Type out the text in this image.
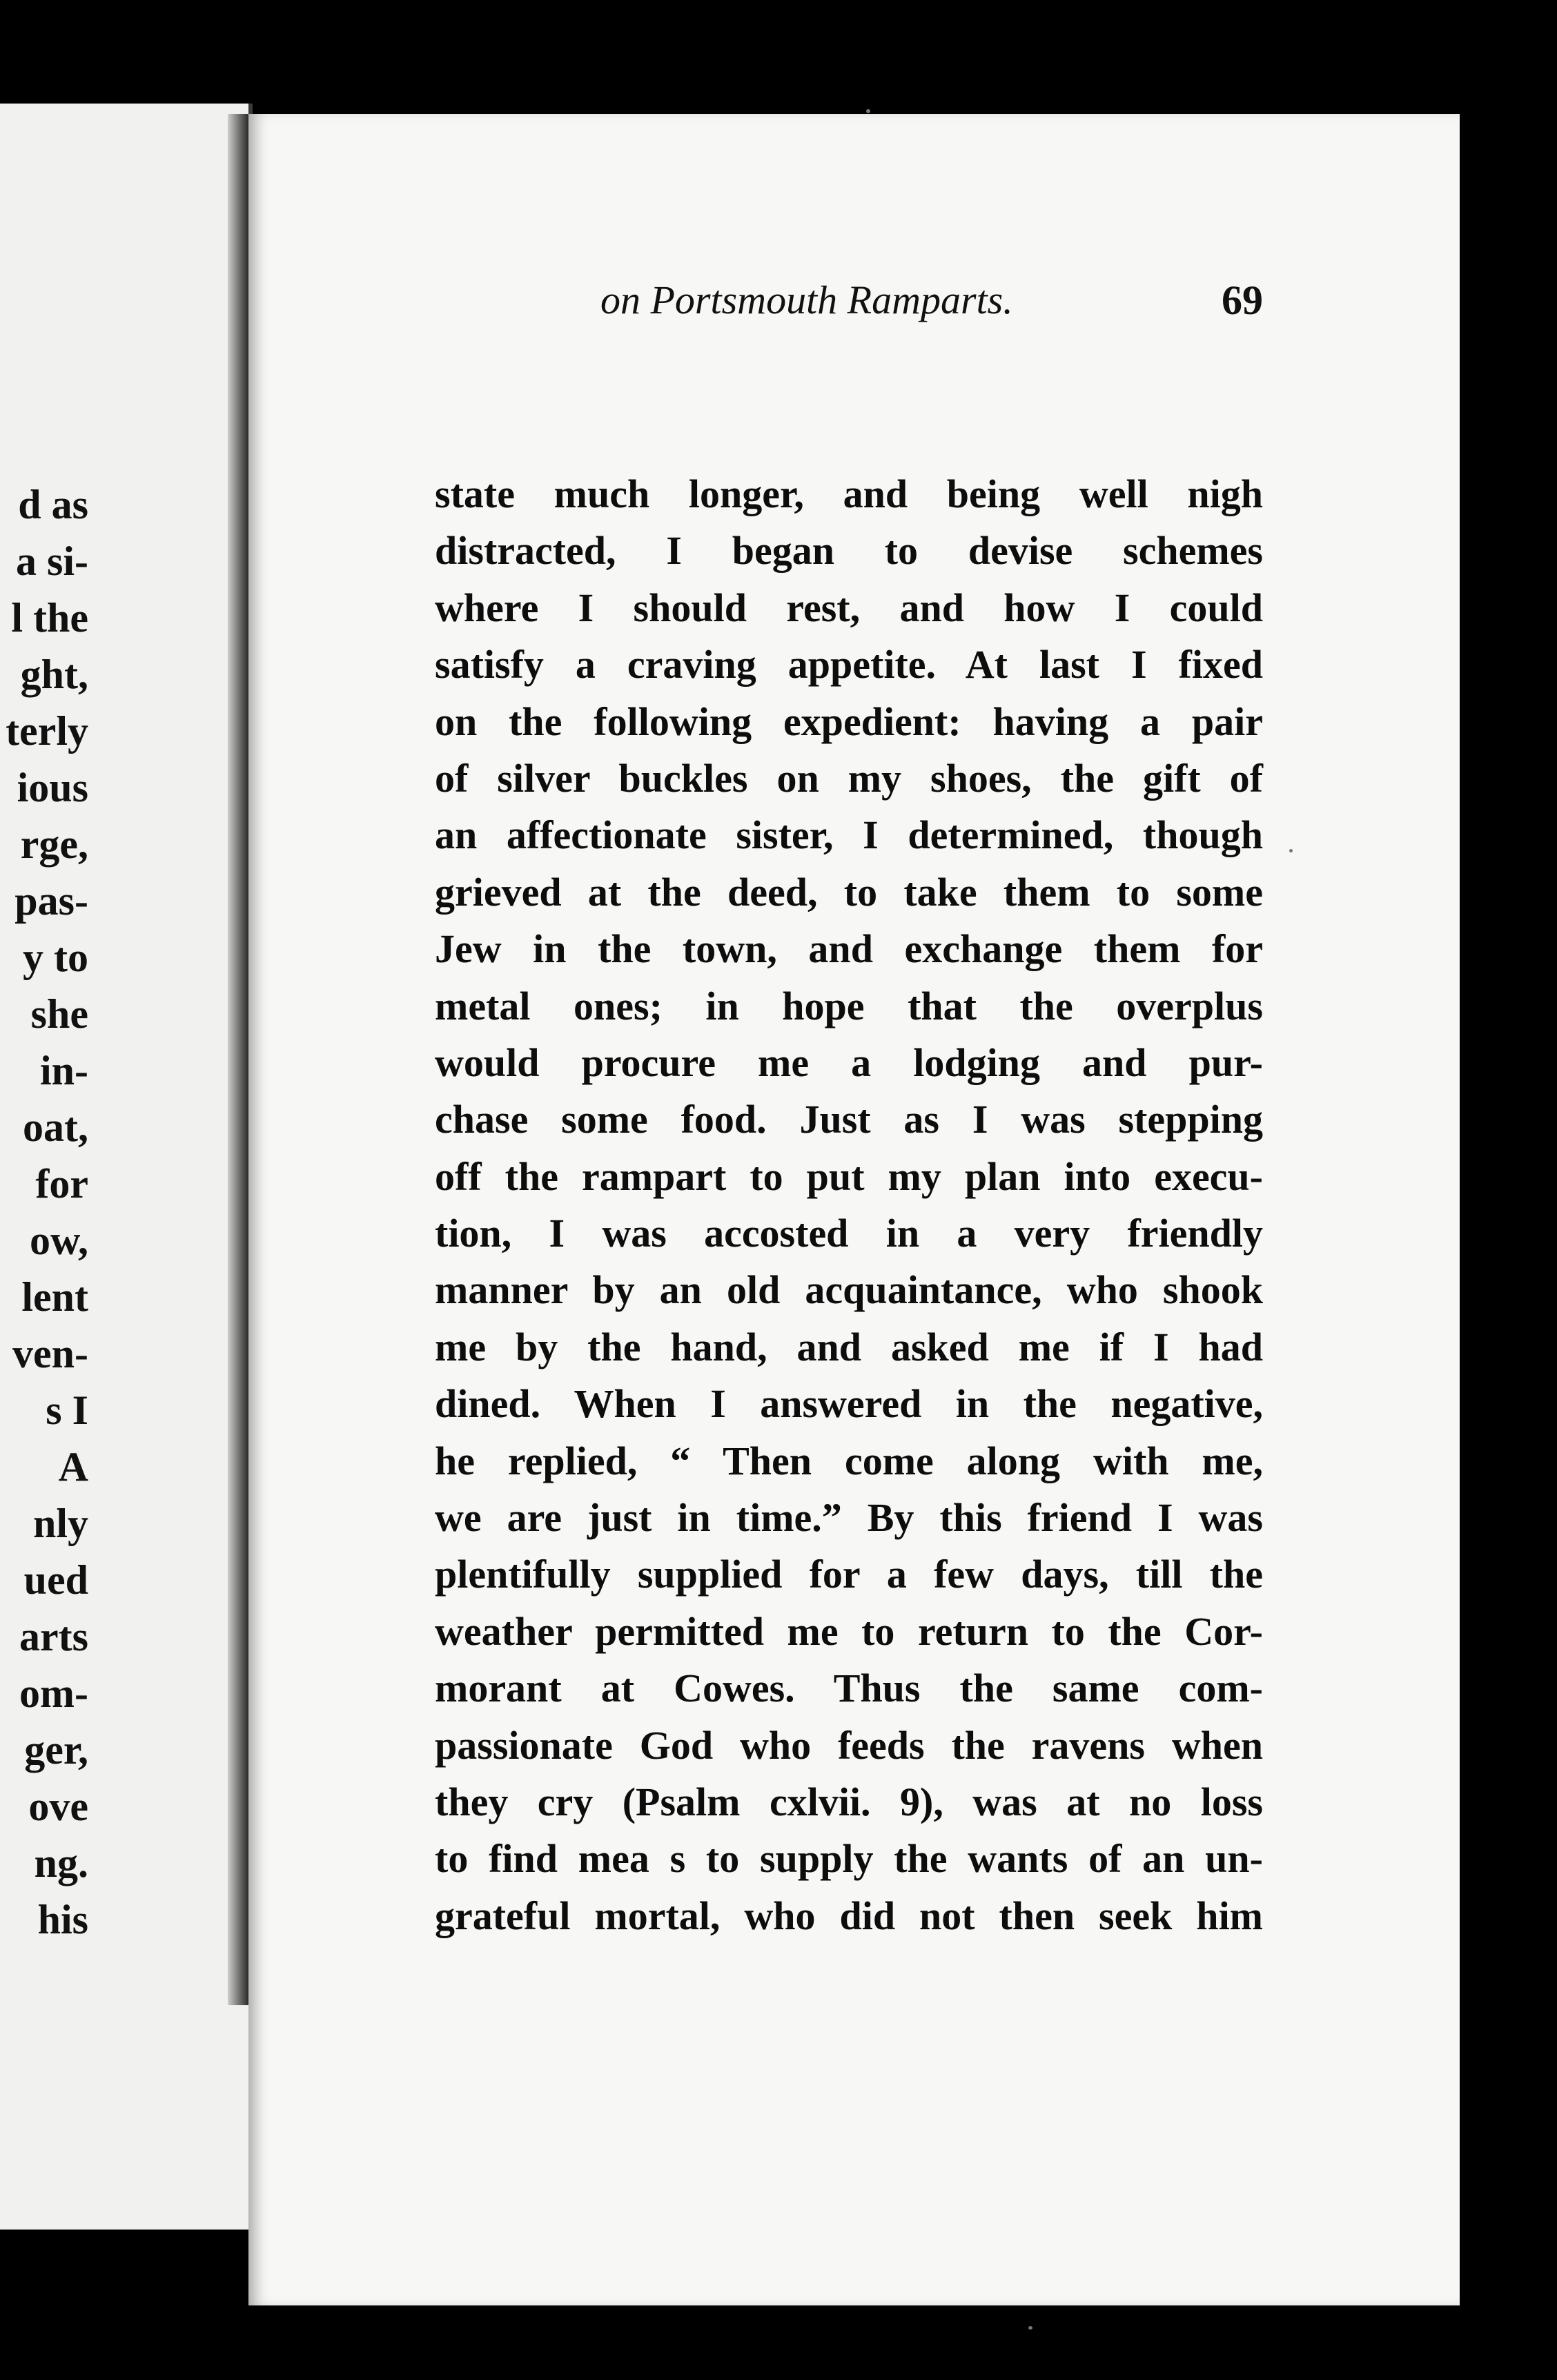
d as
a si-
l the
ght,
terly
ious
rge,
pas-
y to
she
in-
oat,
for
ow,
lent
ven-
s I
A
nly
ued
arts
om-
ger,
ove
ng.
his
on Portsmouth Ramparts.	69
state much longer, and being well nigh
distracted, I began to devise schemes
where I should rest, and how I could
satisfy a craving appetite. At last I fixed
on the following expedient: having a pair
of silver buckles on my shoes, the gift of
an affectionate sister, I determined, though
grieved at the deed, to take them to some
Jew in the town, and exchange them for
metal ones; in hope that the overplus
would procure me a lodging and pur-
chase some food. Just as I was stepping
off the rampart to put my plan into execu-
tion, I was accosted in a very friendly
manner by an old acquaintance, who shook
me by the hand, and asked me if I had
dined. When I answered in the negative,
he replied, “ Then come along with me,
we are just in time.” By this friend I was
plentifully supplied for a few days, till the
weather permitted me to return to the Cor-
morant at Cowes. Thus the same com-
passionate God who feeds the ravens when
they cry (Psalm cxlvii. 9), was at no loss
to find mea s to supply the wants of an un-
grateful mortal, who did not then seek him
